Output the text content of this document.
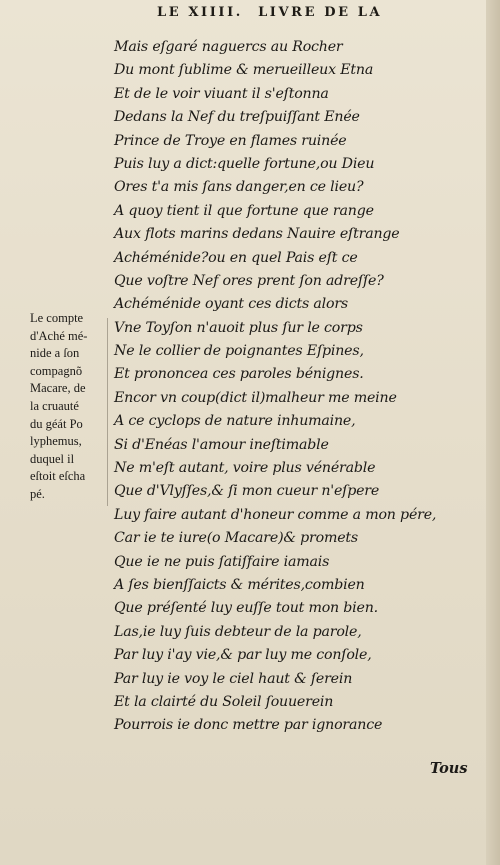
LE XIIII. LIVRE DE LA
Mais eſgaré naguercs au Rocher
Du mont ſublime & merueilleux Etna
Et de le voir viuant il s'eſtonna
Dedans la Nef du treſpuiſſant Enée
Prince de Troye en flames ruinée
Puis luy a dict:quelle fortune,ou Dieu
Ores t'a mis ſans danger,en ce lieu?
A quoy tient il que fortune que range
Aux flots marins dedans Nauire eſtrange
Achéménide?ou en quel Pais eſt ce
Que voſtre Nef ores prent ſon adreſſe?
Achéménide oyant ces dicts alors
Vne Toyſon n'auoit plus ſur le corps
Ne le collier de poignantes Eſpines,
Et prononcea ces paroles bénignes.
Encor vn coup(dict il)malheur me meine
A ce cyclops de nature inhumaine,
Si d'Enéas l'amour ineſtimable
Ne m'eſt autant, voire plus vénérable
Que d'Vlyſſes,& ſi mon cueur n'eſpere
Luy faire autant d'honeur comme a mon pére,
Car ie te iure(o Macare)& promets
Que ie ne puis ſatiſfaire iamais
A ſes bienſſaicts & mérites,combien
Que préſenté luy euſſe tout mon bien.
Las,ie luy ſuis debteur de la parole,
Par luy i'ay vie,& par luy me conſole,
Par luy ie voy le ciel haut & ſerein
Et la clairté du Soleil ſouuerein
Pourrois ie donc mettre par ignorance
Le compte
d'Aché mé-
nide a ſon
compagnõ
Macare, de
la cruauté
du géát Po
lyphemus,
duquel il
eſtoit eſcha
pé.
Tous
